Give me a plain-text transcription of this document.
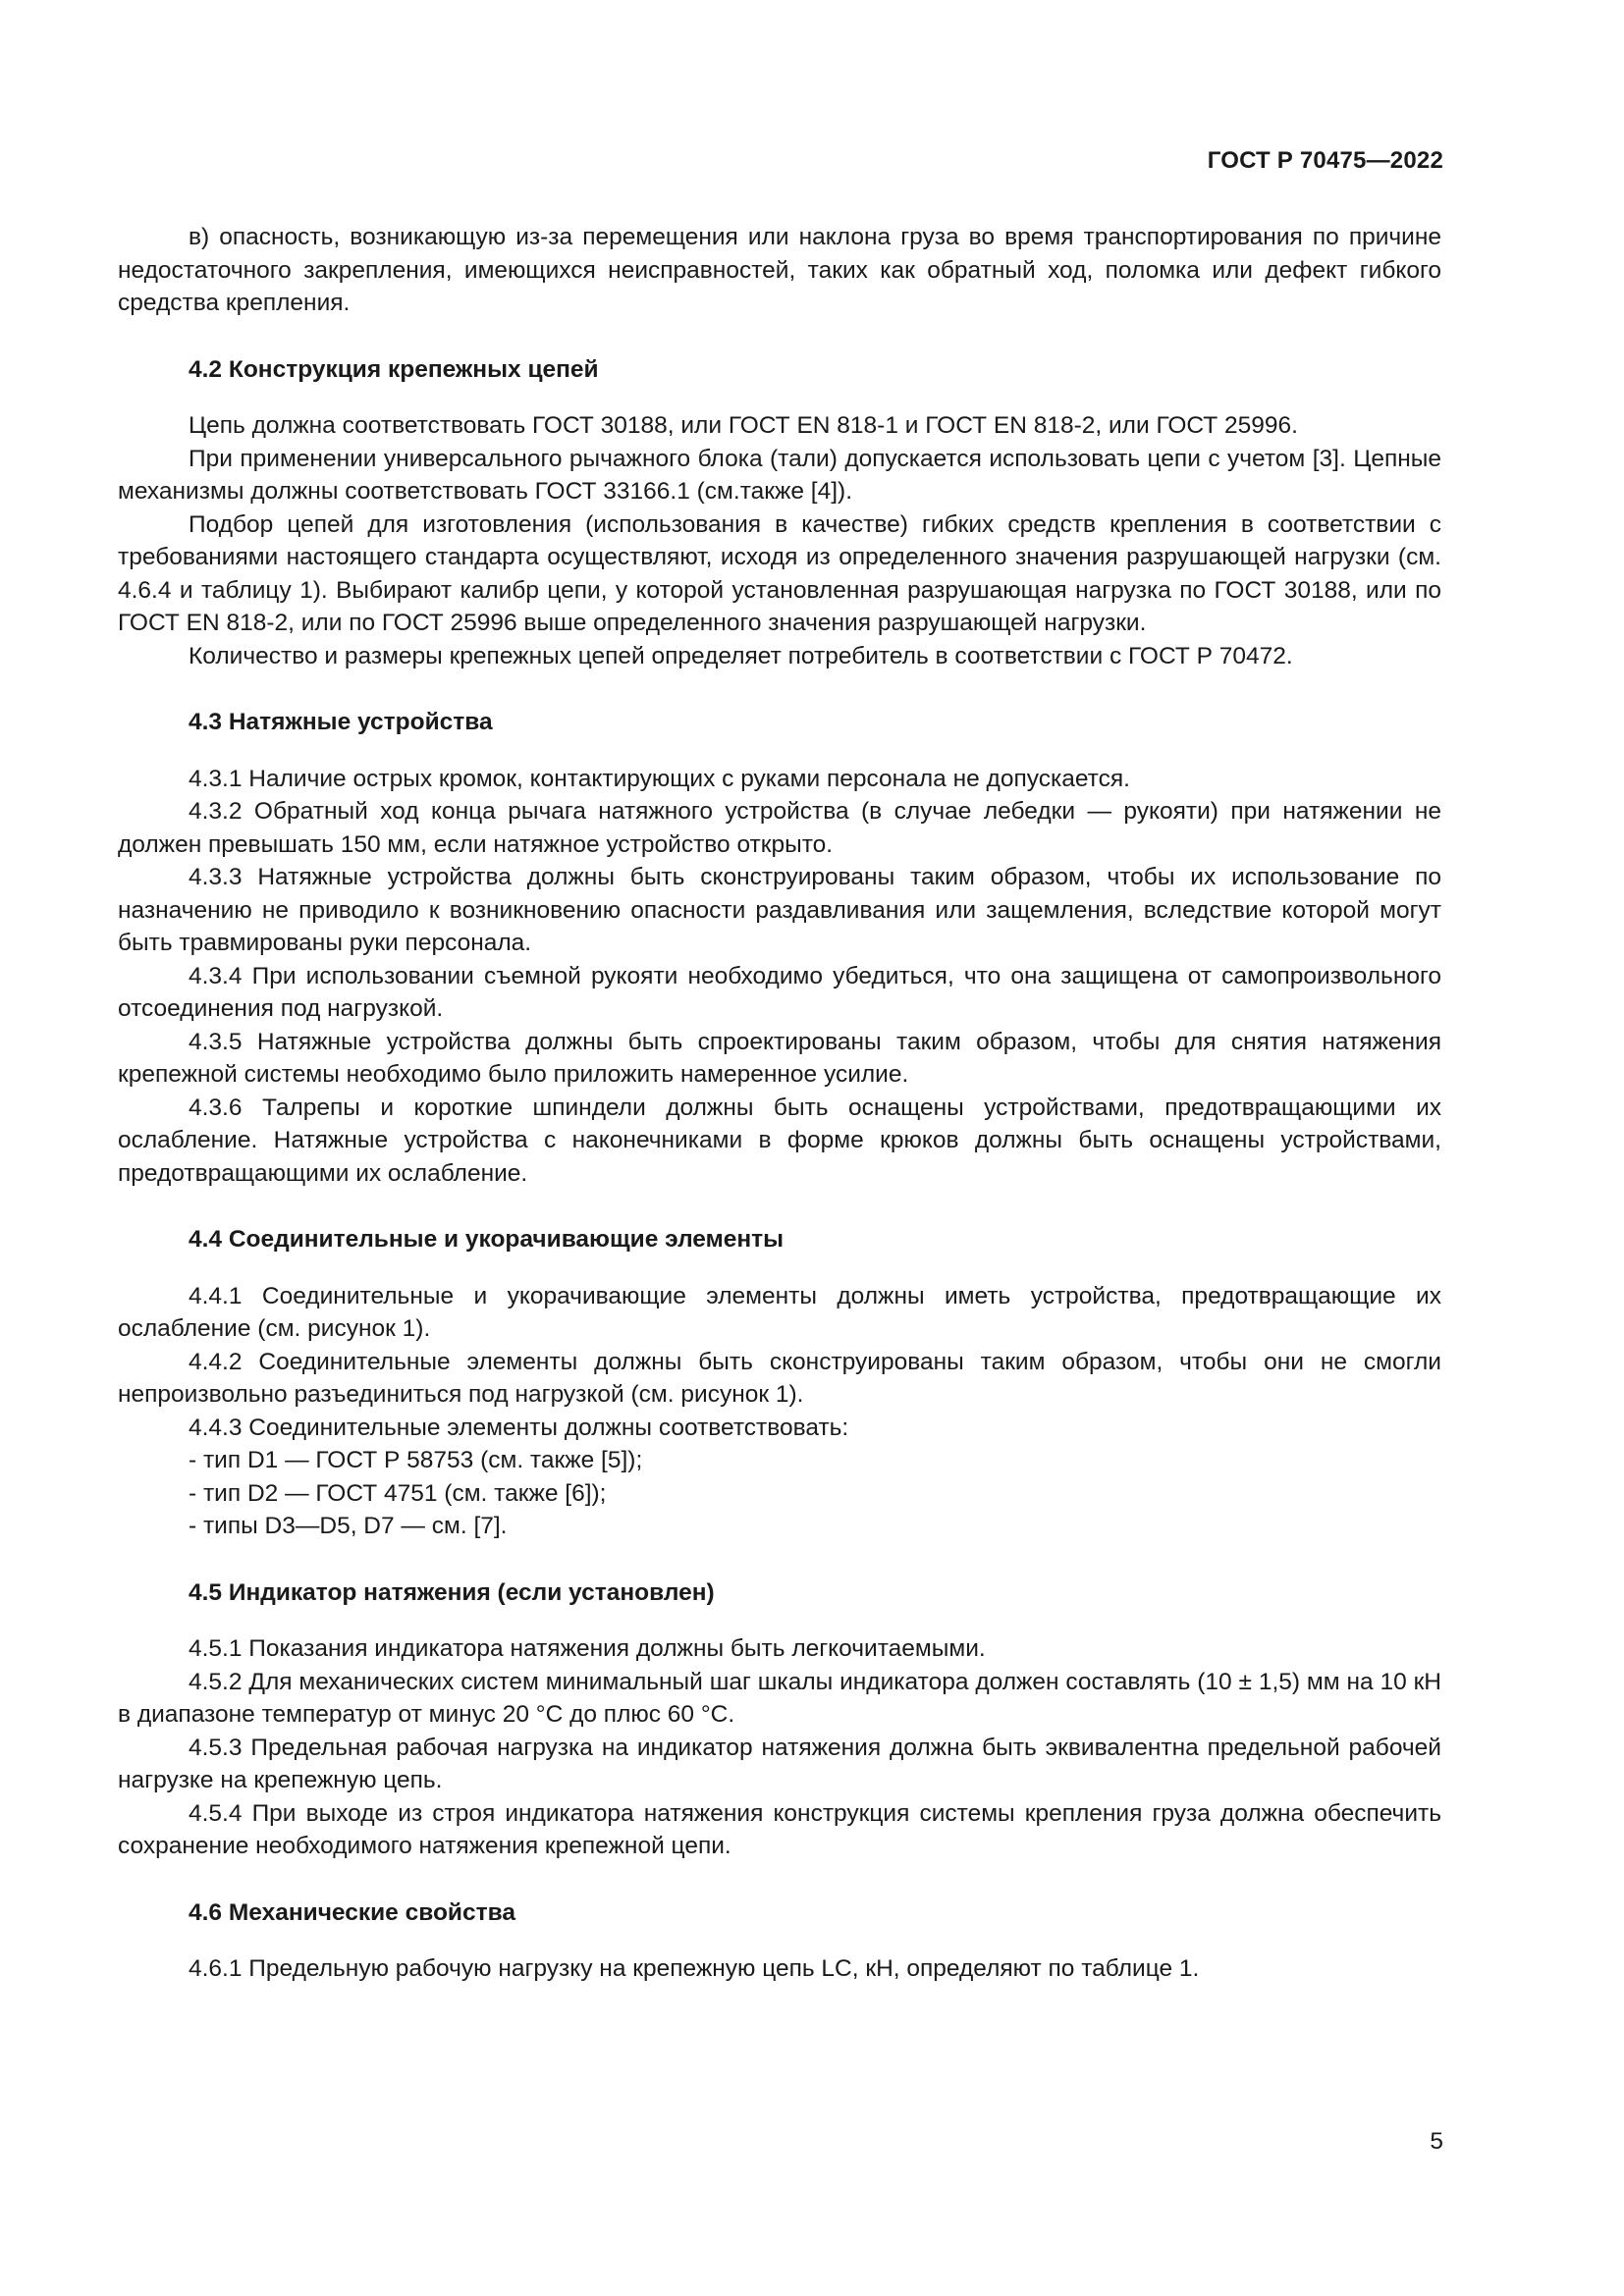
ГОСТ Р 70475—2022

в) опасность, возникающую из-за перемещения или наклона груза во время транспортирования по причине недостаточного закрепления, имеющихся неисправностей, таких как обратный ход, поломка или дефект гибкого средства крепления.

4.2 Конструкция крепежных цепей

Цепь должна соответствовать ГОСТ 30188, или ГОСТ EN 818-1 и ГОСТ EN 818-2, или ГОСТ 25996.

При применении универсального рычажного блока (тали) допускается использовать цепи с учетом [3]. Цепные механизмы должны соответствовать ГОСТ 33166.1 (см.также [4]).

Подбор цепей для изготовления (использования в качестве) гибких средств крепления в соответствии с требованиями настоящего стандарта осуществляют, исходя из определенного значения разрушающей нагрузки (см. 4.6.4 и таблицу 1). Выбирают калибр цепи, у которой установленная разрушающая нагрузка по ГОСТ 30188, или по ГОСТ EN 818-2, или по ГОСТ 25996 выше определенного значения разрушающей нагрузки.

Количество и размеры крепежных цепей определяет потребитель в соответствии с ГОСТ Р 70472.

4.3 Натяжные устройства

4.3.1 Наличие острых кромок, контактирующих с руками персонала не допускается.

4.3.2 Обратный ход конца рычага натяжного устройства (в случае лебедки — рукояти) при натяжении не должен превышать 150 мм, если натяжное устройство открыто.

4.3.3 Натяжные устройства должны быть сконструированы таким образом, чтобы их использование по назначению не приводило к возникновению опасности раздавливания или защемления, вследствие которой могут быть травмированы руки персонала.

4.3.4 При использовании съемной рукояти необходимо убедиться, что она защищена от самопроизвольного отсоединения под нагрузкой.

4.3.5 Натяжные устройства должны быть спроектированы таким образом, чтобы для снятия натяжения крепежной системы необходимо было приложить намеренное усилие.

4.3.6 Талрепы и короткие шпиндели должны быть оснащены устройствами, предотвращающими их ослабление. Натяжные устройства с наконечниками в форме крюков должны быть оснащены устройствами, предотвращающими их ослабление.

4.4 Соединительные и укорачивающие элементы

4.4.1 Соединительные и укорачивающие элементы должны иметь устройства, предотвращающие их ослабление (см. рисунок 1).

4.4.2 Соединительные элементы должны быть сконструированы таким образом, чтобы они не смогли непроизвольно разъединиться под нагрузкой (см. рисунок 1).

4.4.3 Соединительные элементы должны соответствовать:

- тип D1 — ГОСТ Р 58753 (см. также [5]);

- тип D2 — ГОСТ 4751 (см. также [6]);

- типы D3—D5, D7 — см. [7].

4.5 Индикатор натяжения (если установлен)

4.5.1 Показания индикатора натяжения должны быть легкочитаемыми.

4.5.2 Для механических систем минимальный шаг шкалы индикатора должен составлять (10 ± 1,5) мм на 10 кН в диапазоне температур от минус 20 °С до плюс 60 °С.

4.5.3 Предельная рабочая нагрузка на индикатор натяжения должна быть эквивалентна предельной рабочей нагрузке на крепежную цепь.

4.5.4 При выходе из строя индикатора натяжения конструкция системы крепления груза должна обеспечить сохранение необходимого натяжения крепежной цепи.

4.6 Механические свойства

4.6.1 Предельную рабочую нагрузку на крепежную цепь LC, кН, определяют по таблице 1.

5
